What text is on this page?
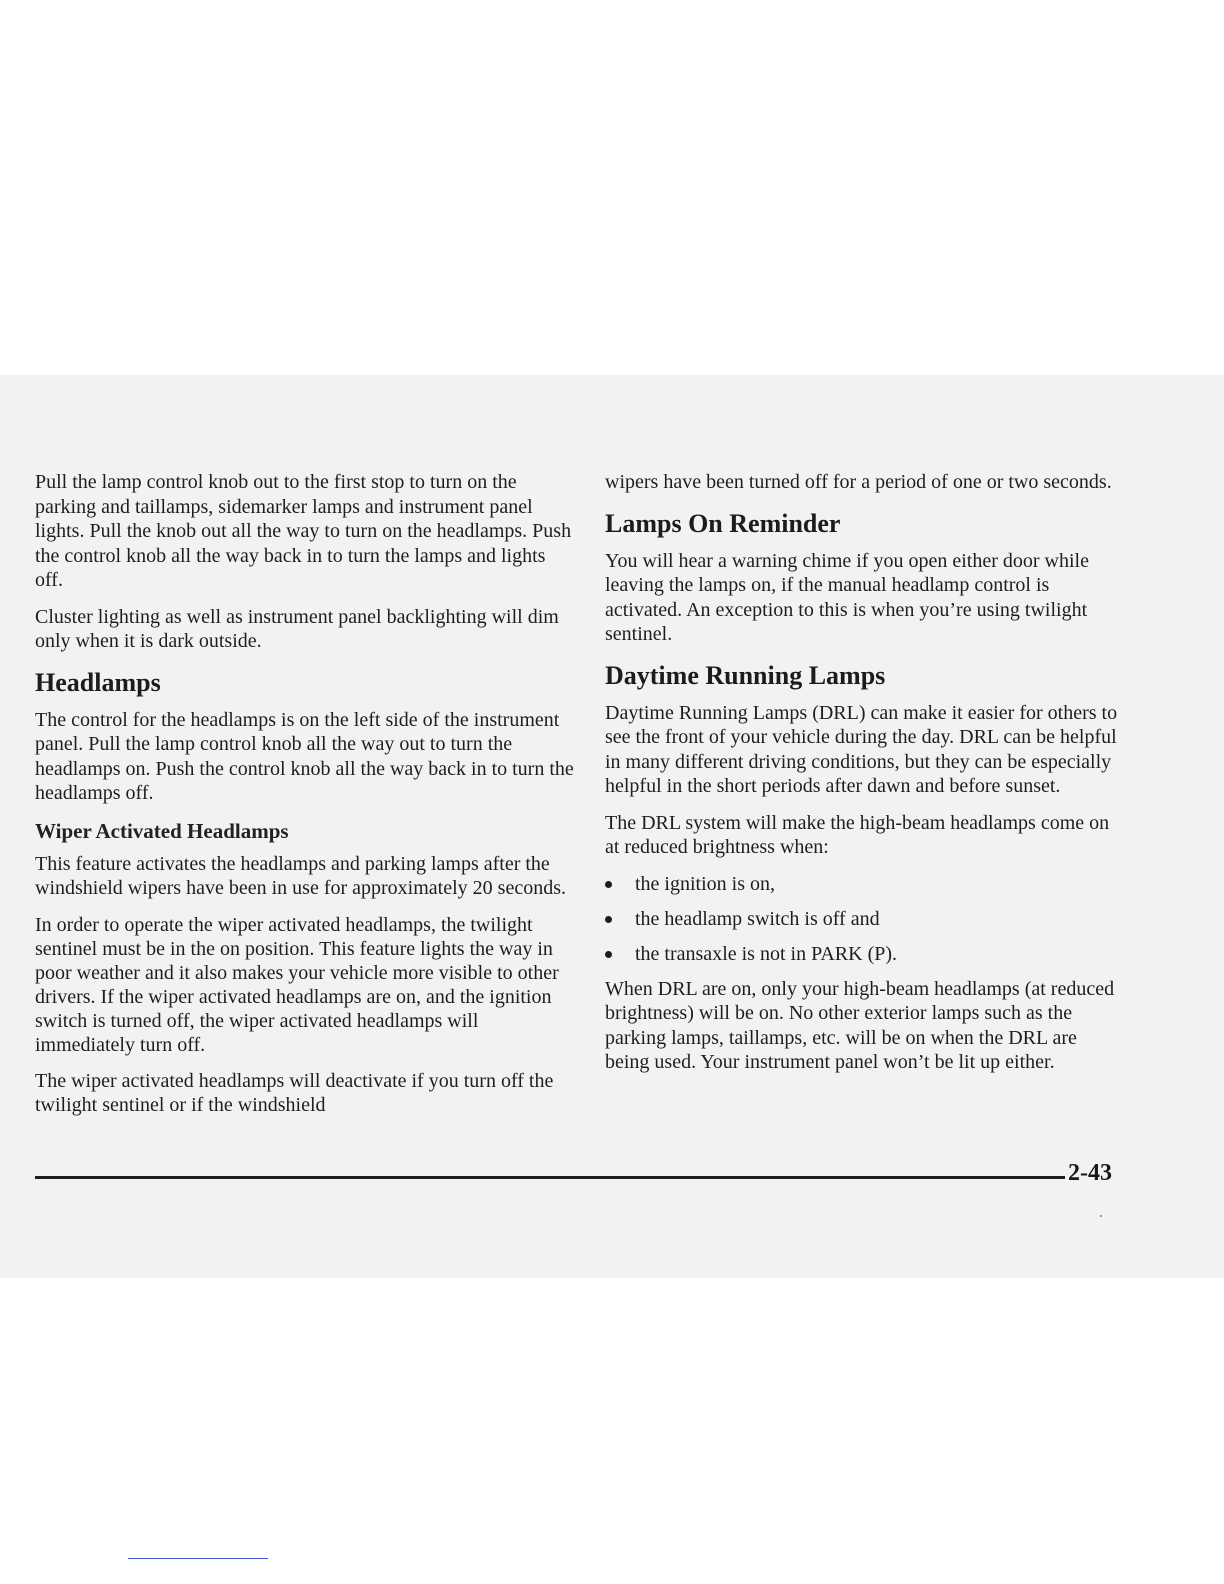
Pull the lamp control knob out to the first stop to turn on the parking and taillamps, sidemarker lamps and instrument panel lights. Pull the knob out all the way to turn on the headlamps. Push the control knob all the way back in to turn the lamps and lights off.

Cluster lighting as well as instrument panel backlighting will dim only when it is dark outside.

Headlamps

The control for the headlamps is on the left side of the instrument panel. Pull the lamp control knob all the way out to turn the headlamps on. Push the control knob all the way back in to turn the headlamps off.

Wiper Activated Headlamps

This feature activates the headlamps and parking lamps after the windshield wipers have been in use for approximately 20 seconds.

In order to operate the wiper activated headlamps, the twilight sentinel must be in the on position. This feature lights the way in poor weather and it also makes your vehicle more visible to other drivers. If the wiper activated headlamps are on, and the ignition switch is turned off, the wiper activated headlamps will immediately turn off.

The wiper activated headlamps will deactivate if you turn off the twilight sentinel or if the windshield

wipers have been turned off for a period of one or two seconds.

Lamps On Reminder

You will hear a warning chime if you open either door while leaving the lamps on, if the manual headlamp control is activated. An exception to this is when you’re using twilight sentinel.

Daytime Running Lamps

Daytime Running Lamps (DRL) can make it easier for others to see the front of your vehicle during the day. DRL can be helpful in many different driving conditions, but they can be especially helpful in the short periods after dawn and before sunset.

The DRL system will make the high-beam headlamps come on at reduced brightness when:

the ignition is on,
the headlamp switch is off and
the transaxle is not in PARK (P).

When DRL are on, only your high-beam headlamps (at reduced brightness) will be on. No other exterior lamps such as the parking lamps, taillamps, etc. will be on when the DRL are being used. Your instrument panel won’t be lit up either.

2-43
